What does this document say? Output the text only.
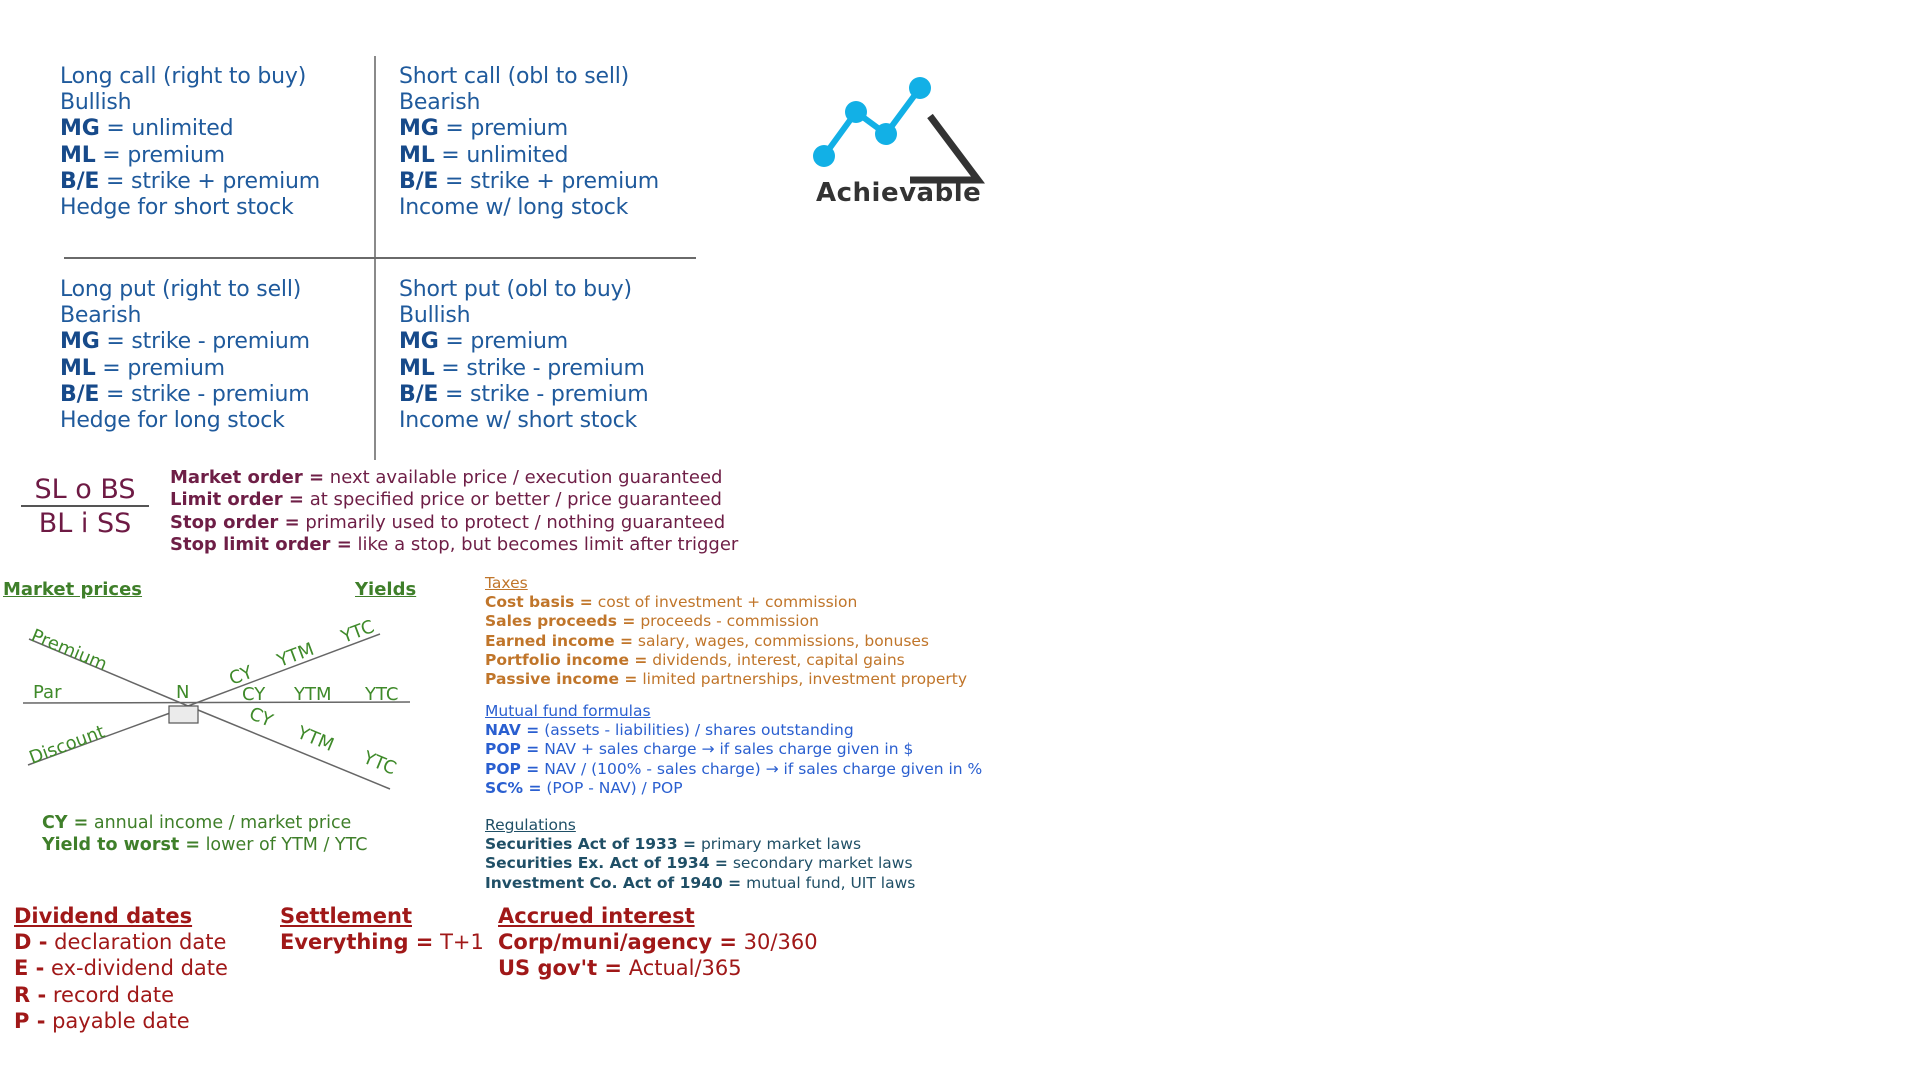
Long call (right to buy)
Bullish
MG = unlimited
ML = premium
B/E = strike + premium
Hedge for short stock
Short call (obl to sell)
Bearish
MG = premium
ML = unlimited
B/E = strike + premium
Income w/ long stock
Long put (right to sell)
Bearish
MG = strike - premium
ML = premium
B/E = strike - premium
Hedge for long stock
Short put (obl to buy)
Bullish
MG = premium
ML = strike - premium
B/E = strike - premium
Income w/ short stock
Achievable
SL o BS
BL i SS
Market order = next available price / execution guaranteed
Limit order = at specified price or better / price guaranteed
Stop order = primarily used to protect / nothing guaranteed
Stop limit order = like a stop, but becomes limit after trigger
Market prices	Yields
Premium
Par
Discount
N
CY
YTM
YTC
CY YTM YTC
CY
YTM
YTC
CY = annual income / market price
Yield to worst = lower of YTM / YTC
Taxes
Cost basis = cost of investment + commission
Sales proceeds = proceeds - commission
Earned income = salary, wages, commissions, bonuses
Portfolio income = dividends, interest, capital gains
Passive income = limited partnerships, investment property
Mutual fund formulas
NAV = (assets - liabilities) / shares outstanding
POP = NAV + sales charge → if sales charge given in $
POP = NAV / (100% - sales charge) → if sales charge given in %
SC% = (POP - NAV) / POP
Regulations
Securities Act of 1933 = primary market laws
Securities Ex. Act of 1934 = secondary market laws
Investment Co. Act of 1940 = mutual fund, UIT laws
Dividend dates
D - declaration date
E - ex-dividend date
R - record date
P - payable date
Settlement
Everything = T+1
Accrued interest
Corp/muni/agency = 30/360
US gov't = Actual/365
